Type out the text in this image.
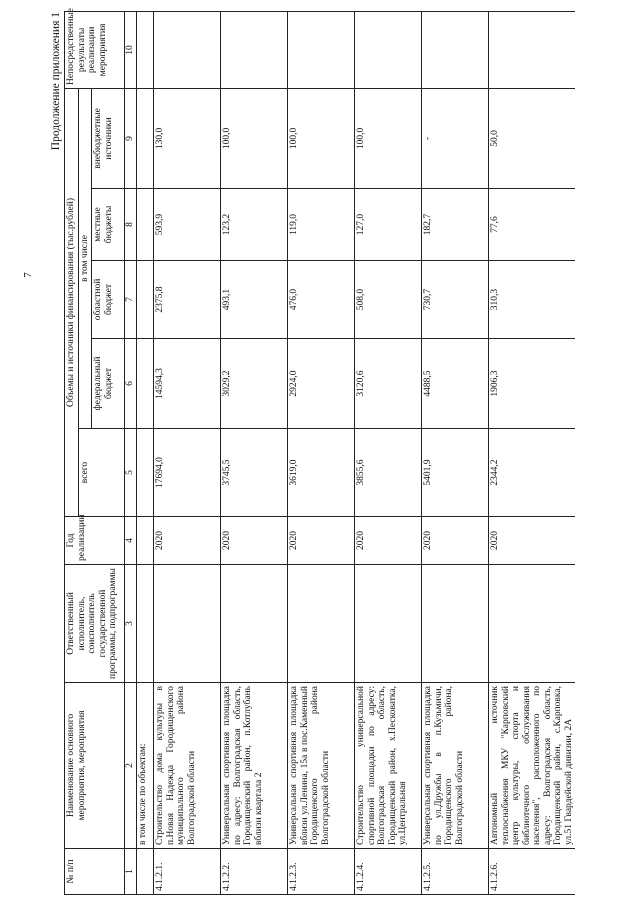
7
Продолжение приложения 1
№ п/п	Наименование основного мероприятия, мероприятия	Ответственный исполнитель, соисполнитель государственной программы, подпрограммы	Год реализации	Объемы и источники финансирования (тыс.рублей)					Непосредственные результаты реализации мероприятия
				всего	в том числе				
					федеральный бюджет	областной бюджет	местные бюджеты	внебюджетные источники	
1	2	3	4	5	6	7	8	9	10
	в том числе по объектам:								
4.1.2.1.	Строительство дома культуры в п.Новая Надежда Городищенского муниципального района Волгоградской области		2020	17694,0	14594,3	2375,8	593,9	130,0	
4.1.2.2.	Универсальная спортивная площадка по адресу: Волгоградская область, Городищенский район, п.Котлубань вблизи квартала 2		2020	3745,5	3029,2	493,1	123,2	100,0	
4.1.2.3.	Универсальная спортивная площадка вблизи ул.Ленина, 15а в пос.Каменный Городищенского района Волгоградской области		2020	3619,0	2924,0	476,0	119,0	100,0	
4.1.2.4.	Строительство универсальной спортивной площадки по адресу: Волгоградская область, Городищенский район, х.Песковатка, ул.Центральная		2020	3855,6	3120,6	508,0	127,0	100,0	
4.1.2.5.	Универсальная спортивная площадка по ул.Дружбы в п.Кузьмичи, Городищенского района, Волгоградской области		2020	5401,9	4488,5	730,7	182,7	-	
4.1.2.6.	Автономный источник теплоснабжения МКУ "Карповский центр культуры, спорта и библиотечного обслуживания населения", расположенного по адресу: Волгоградская область, Городищенский район, с.Карповка, ул.51 Гвардейской дивизии, 2А		2020	2344,2	1906,3	310,3	77,6	50,0	
